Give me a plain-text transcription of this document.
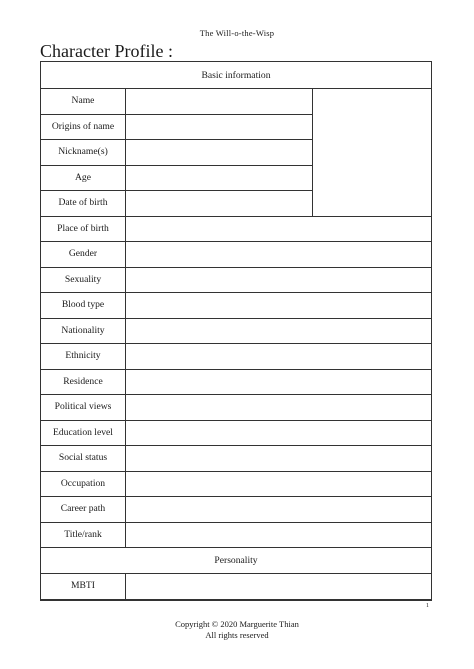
The Will-o-the-Wisp
Character Profile :
Basic information
Name
Origins of name
Nickname(s)
Age
Date of birth
Place of birth
Gender
Sexuality
Blood type
Nationality
Ethnicity
Residence
Political views
Education level
Social status
Occupation
Career path
Title/rank
Personality
MBTI
1
Copyright © 2020 Marguerite Thian
All rights reserved
